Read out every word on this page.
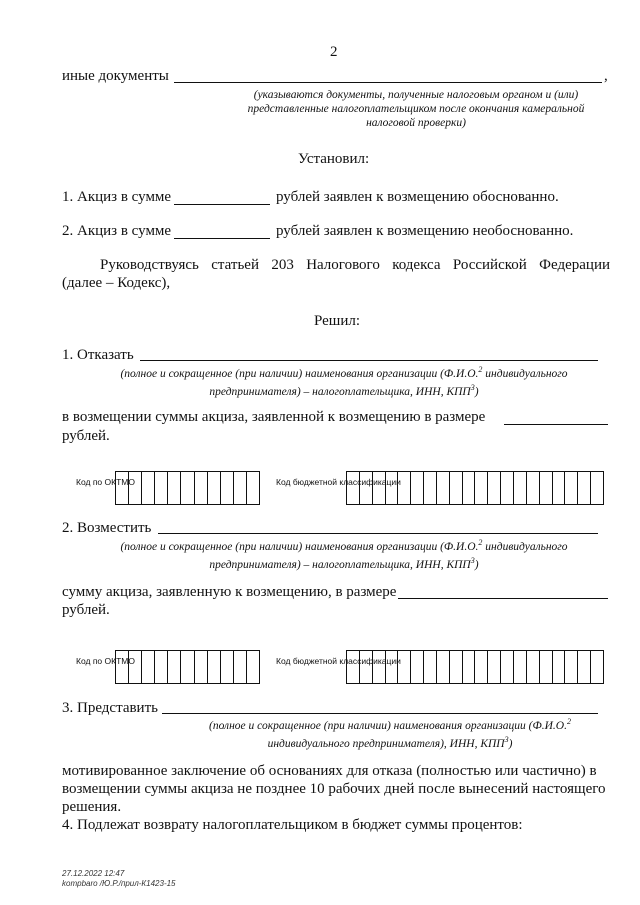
2
иные документы	,
(указываются документы, полученные налоговым органом и (или) представленные налогоплательщиком после окончания камеральной налоговой проверки)
Установил:
1. Акциз в сумме	рублей заявлен к возмещению обоснованно.
2. Акциз в сумме	рублей заявлен к возмещению необоснованно.
Руководствуясь статьей 203 Налогового кодекса Российской Федерации
(далее – Кодекс),
Решил:
1. Отказать
(полное и сокращенное (при наличии) наименования организации (Ф.И.О.$^2$ индивидуального
предпринимателя) – налогоплательщика, ИНН, КПП$^3$)
в возмещении суммы акциза, заявленной к возмещению в размере
рублей.
Код по ОКТМО	Код бюджетной классификации
2. Возместить
(полное и сокращенное (при наличии) наименования организации (Ф.И.О.$^2$ индивидуального
предпринимателя) – налогоплательщика, ИНН, КПП$^3$)
сумму акциза, заявленную к возмещению, в размере
рублей.
Код по ОКТМО	Код бюджетной классификации
3. Представить
(полное и сокращенное (при наличии) наименования организации (Ф.И.О.$^2$
индивидуального предпринимателя), ИНН, КПП$^3$)
мотивированное заключение об основаниях для отказа (полностью или частично) в
возмещении суммы акциза не позднее 10 рабочих дней после вынесений настоящего
решения.
4. Подлежат возврату налогоплательщиком в бюджет суммы процентов:
27.12.2022 12:47
kompbaro /Ю.Р./прил-К1423-15
